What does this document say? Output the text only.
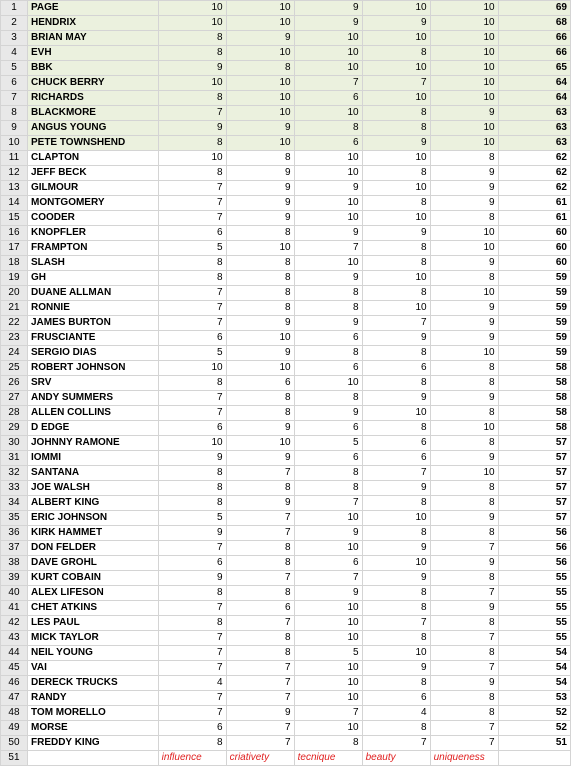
1	PAGE	10	10	9	10	10	69
2	HENDRIX	10	10	9	9	10	68
3	BRIAN MAY	8	9	10	10	10	66
4	EVH	8	10	10	8	10	66
5	BBK	9	8	10	10	10	65
6	CHUCK BERRY	10	10	7	7	10	64
7	RICHARDS	8	10	6	10	10	64
8	BLACKMORE	7	10	10	8	9	63
9	ANGUS YOUNG	9	9	8	8	10	63
10	PETE TOWNSHEND	8	10	6	9	10	63
11	CLAPTON	10	8	10	10	8	62
12	JEFF BECK	8	9	10	8	9	62
13	GILMOUR	7	9	9	10	9	62
14	MONTGOMERY	7	9	10	8	9	61
15	COODER	7	9	10	10	8	61
16	KNOPFLER	6	8	9	9	10	60
17	FRAMPTON	5	10	7	8	10	60
18	SLASH	8	8	10	8	9	60
19	GH	8	8	9	10	8	59
20	DUANE ALLMAN	7	8	8	8	10	59
21	RONNIE	7	8	8	10	9	59
22	JAMES BURTON	7	9	9	7	9	59
23	FRUSCIANTE	6	10	6	9	9	59
24	SERGIO DIAS	5	9	8	8	10	59
25	ROBERT JOHNSON	10	10	6	6	8	58
26	SRV	8	6	10	8	8	58
27	ANDY SUMMERS	7	8	8	9	9	58
28	ALLEN COLLINS	7	8	9	10	8	58
29	D EDGE	6	9	6	8	10	58
30	JOHNNY RAMONE	10	10	5	6	8	57
31	IOMMI	9	9	6	6	9	57
32	SANTANA	8	7	8	7	10	57
33	JOE WALSH	8	8	8	9	8	57
34	ALBERT KING	8	9	7	8	8	57
35	ERIC JOHNSON	5	7	10	10	9	57
36	KIRK HAMMET	9	7	9	8	8	56
37	DON FELDER	7	8	10	9	7	56
38	DAVE GROHL	6	8	6	10	9	56
39	KURT COBAIN	9	7	7	9	8	55
40	ALEX LIFESON	8	8	9	8	7	55
41	CHET ATKINS	7	6	10	8	9	55
42	LES PAUL	8	7	10	7	8	55
43	MICK TAYLOR	7	8	10	8	7	55
44	NEIL YOUNG	7	8	5	10	8	54
45	VAI	7	7	10	9	7	54
46	DERECK TRUCKS	4	7	10	8	9	54
47	RANDY	7	7	10	6	8	53
48	TOM MORELLO	7	9	7	4	8	52
49	MORSE	6	7	10	8	7	52
50	FREDDY KING	8	7	8	7	7	51
51		influence	criativety	tecnique	beauty	uniqueness	
